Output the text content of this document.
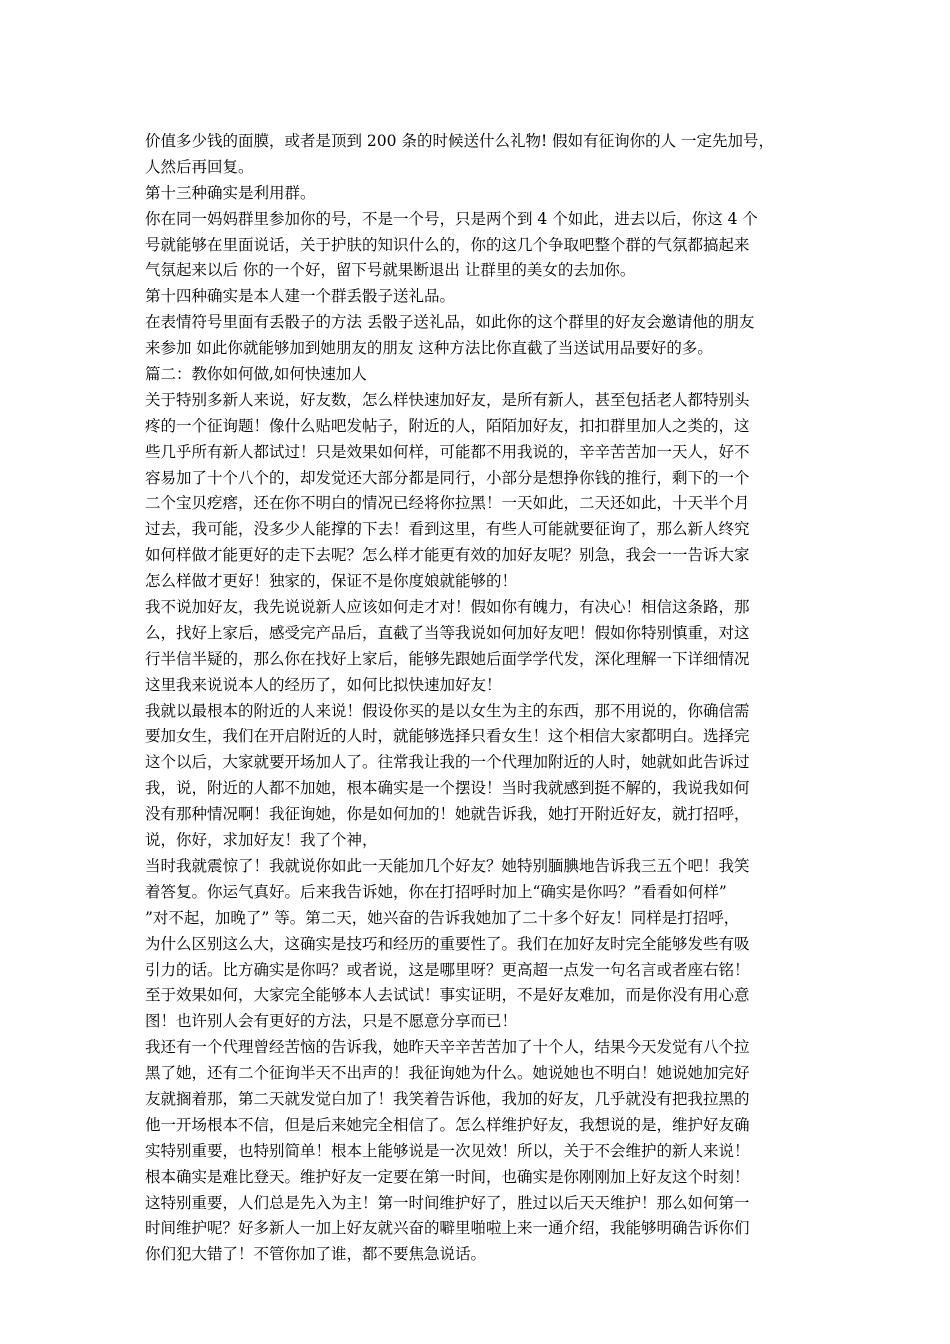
价值多少钱的面膜，或者是顶到 200 条的时候送什么礼物! 假如有征询你的人 一定先加号，
人然后再回复。
第十三种确实是利用群。
你在同一妈妈群里参加你的号，不是一个号，只是两个到 4 个如此，进去以后，你这 4 个
号就能够在里面说话，关于护肤的知识什么的，你的这几个争取吧整个群的气氛都搞起来
气氛起来以后 你的一个好，留下号就果断退出 让群里的美女的去加你。
第十四种确实是本人建一个群丢骰子送礼品。
在表情符号里面有丢骰子的方法 丢骰子送礼品，如此你的这个群里的好友会邀请他的朋友
来参加 如此你就能够加到她朋友的朋友 这种方法比你直截了当送试用品要好的多。
篇二：教你如何做,如何快速加人
关于特别多新人来说，好友数，怎么样快速加好友，是所有新人，甚至包括老人都特别头
疼的一个征询题！像什么贴吧发帖子，附近的人，陌陌加好友，扣扣群里加人之类的，这
些几乎所有新人都试过！只是效果如何样，可能都不用我说的，辛辛苦苦加一天人，好不
容易加了十个八个的，却发觉还大部分都是同行，小部分是想挣你钱的推行，剩下的一个
二个宝贝疙瘩，还在你不明白的情况已经将你拉黑！一天如此，二天还如此，十天半个月
过去，我可能，没多少人能撑的下去！看到这里，有些人可能就要征询了，那么新人终究
如何样做才能更好的走下去呢？怎么样才能更有效的加好友呢？别急，我会一一告诉大家
怎么样做才更好！独家的，保证不是你度娘就能够的！
我不说加好友，我先说说新人应该如何走才对！假如你有魄力，有决心！相信这条路，那
么，找好上家后，感受完产品后，直截了当等我说如何加好友吧！假如你特别慎重，对这
行半信半疑的，那么你在找好上家后，能够先跟她后面学学代发，深化理解一下详细情况
这里我来说说本人的经历了，如何比拟快速加好友！
我就以最根本的附近的人来说！假设你买的是以女生为主的东西，那不用说的，你确信需
要加女生，我们在开启附近的人时，就能够选择只看女生！这个相信大家都明白。选择完
这个以后，大家就要开场加人了。往常我让我的一个代理加附近的人时，她就如此告诉过
我，说，附近的人都不加她，根本确实是一个摆设！当时我就感到挺不解的，我说我如何
没有那种情况啊！我征询她，你是如何加的！她就告诉我，她打开附近好友，就打招呼，
说，你好，求加好友！我了个神，
当时我就震惊了！我就说你如此一天能加几个好友？她特别腼腆地告诉我三五个吧！我笑
着答复。你运气真好。后来我告诉她，你在打招呼时加上“确实是你吗？”看看如何样”
”对不起，加晚了” 等。第二天，她兴奋的告诉我她加了二十多个好友！同样是打招呼，
为什么区别这么大，这确实是技巧和经历的重要性了。我们在加好友时完全能够发些有吸
引力的话。比方确实是你吗？或者说，这是哪里呀？更高超一点发一句名言或者座右铭！
至于效果如何，大家完全能够本人去试试！事实证明，不是好友难加，而是你没有用心意
图！也许别人会有更好的方法，只是不愿意分享而已！
我还有一个代理曾经苦恼的告诉我，她昨天辛辛苦苦加了十个人，结果今天发觉有八个拉
黑了她，还有二个征询半天不出声的！我征询她为什么。她说她也不明白！她说她加完好
友就搁着那，第二天就发觉白加了！我笑着告诉他，我加的好友，几乎就没有把我拉黑的
他一开场根本不信，但是后来她完全相信了。怎么样维护好友，我想说的是，维护好友确
实特别重要，也特别简单！根本上能够说是一次见效！所以，关于不会维护的新人来说！
根本确实是难比登天。维护好友一定要在第一时间，也确实是你刚刚加上好友这个时刻！
这特别重要，人们总是先入为主！第一时间维护好了，胜过以后天天维护！那么如何第一
时间维护呢？好多新人一加上好友就兴奋的噼里啪啦上来一通介绍，我能够明确告诉你们
你们犯大错了！不管你加了谁，都不要焦急说话。
